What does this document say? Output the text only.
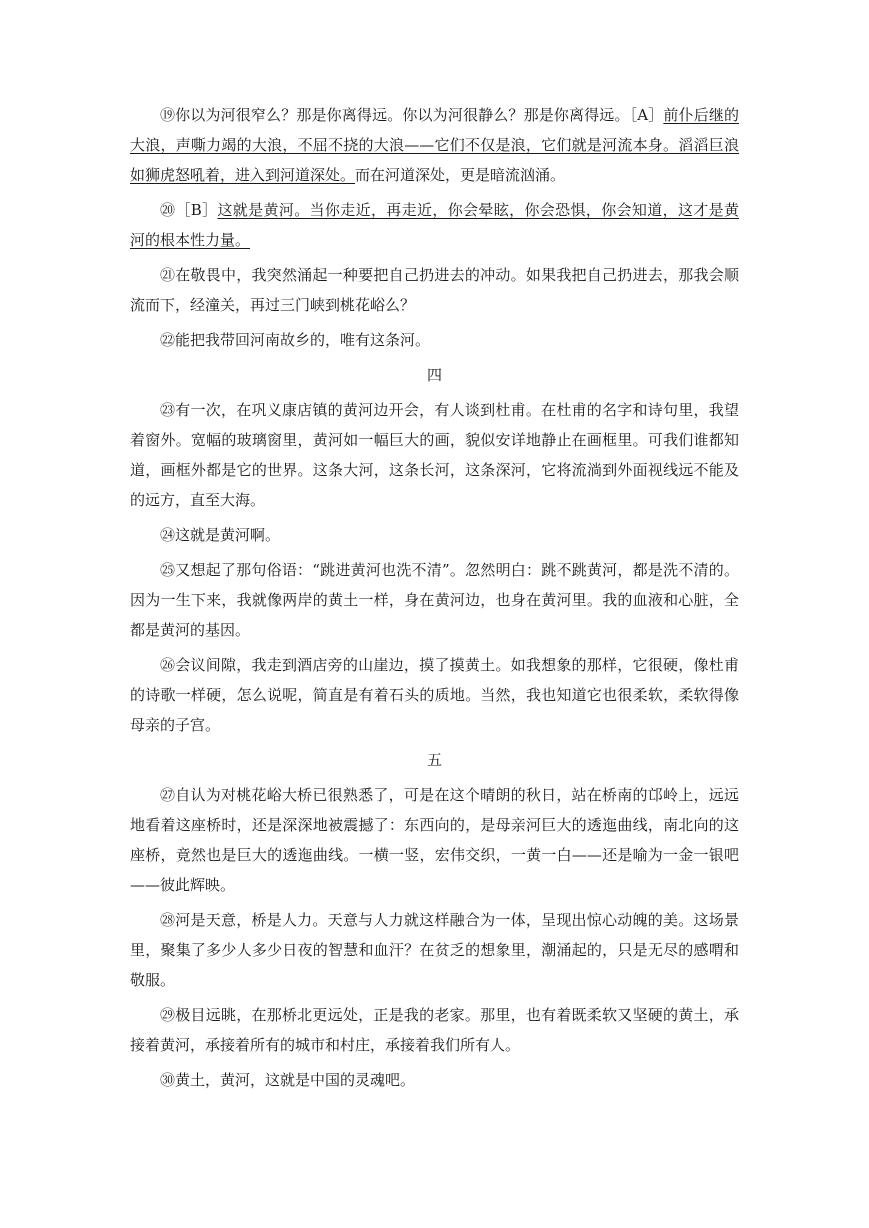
⑲你以为河很窄么？那是你离得远。你以为河很静么？那是你离得远。［A］前仆后继的大浪，声嘶力竭的大浪，不屈不挠的大浪——它们不仅是浪，它们就是河流本身。滔滔巨浪如狮虎怒吼着，进入到河道深处。而在河道深处，更是暗流汹涌。

⑳［B］这就是黄河。当你走近，再走近，你会晕眩，你会恐惧，你会知道，这才是黄河的根本性力量。

㉑在敬畏中，我突然涌起一种要把自己扔进去的冲动。如果我把自己扔进去，那我会顺流而下，经潼关，再过三门峡到桃花峪么？

㉒能把我带回河南故乡的，唯有这条河。

四

㉓有一次，在巩义康店镇的黄河边开会，有人谈到杜甫。在杜甫的名字和诗句里，我望着窗外。宽幅的玻璃窗里，黄河如一幅巨大的画，貌似安详地静止在画框里。可我们谁都知道，画框外都是它的世界。这条大河，这条长河，这条深河，它将流淌到外面视线远不能及的远方，直至大海。

㉔这就是黄河啊。

㉕又想起了那句俗语：“跳进黄河也洗不清”。忽然明白：跳不跳黄河，都是洗不清的。因为一生下来，我就像两岸的黄土一样，身在黄河边，也身在黄河里。我的血液和心脏，全都是黄河的基因。

㉖会议间隙，我走到酒店旁的山崖边，摸了摸黄土。如我想象的那样，它很硬，像杜甫的诗歌一样硬，怎么说呢，简直是有着石头的质地。当然，我也知道它也很柔软，柔软得像母亲的子宫。

五

㉗自认为对桃花峪大桥已很熟悉了，可是在这个晴朗的秋日，站在桥南的邙岭上，远远地看着这座桥时，还是深深地被震撼了：东西向的，是母亲河巨大的透迤曲线，南北向的这座桥，竟然也是巨大的透迤曲线。一横一竖，宏伟交织，一黄一白——还是喻为一金一银吧——彼此辉映。

㉘河是天意，桥是人力。天意与人力就这样融合为一体，呈现出惊心动魄的美。这场景里，聚集了多少人多少日夜的智慧和血汗？在贫乏的想象里，潮涌起的，只是无尽的感喟和敬服。

㉙极目远眺，在那桥北更远处，正是我的老家。那里，也有着既柔软又坚硬的黄土，承接着黄河，承接着所有的城市和村庄，承接着我们所有人。

㉚黄土，黄河，这就是中国的灵魂吧。
